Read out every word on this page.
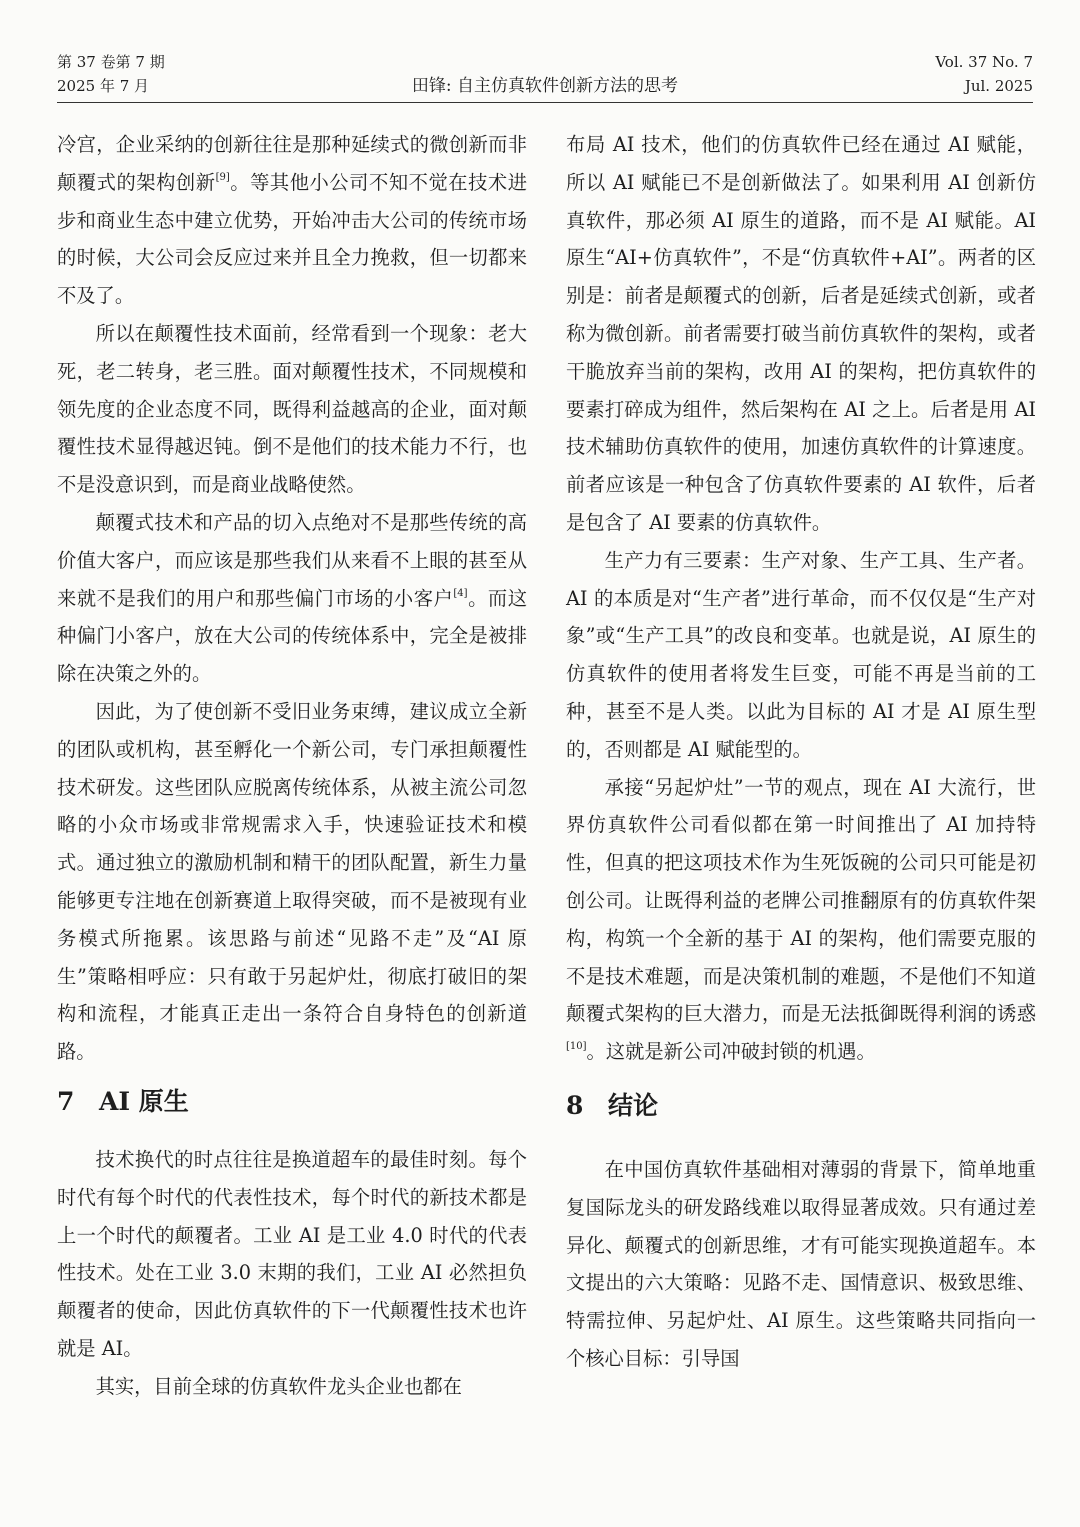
第 37 卷第 7 期
2025 年 7 月	田锋: 自主仿真软件创新方法的思考
Vol. 37 No. 7
Jul. 2025

冷宫，企业采纳的创新往往是那种延续式的微创新而非颠覆式的架构创新[9]。等其他小公司不知不觉在技术进步和商业生态中建立优势，开始冲击大公司的传统市场的时候，大公司会反应过来并且全力挽救，但一切都来不及了。

所以在颠覆性技术面前，经常看到一个现象：老大死，老二转身，老三胜。面对颠覆性技术，不同规模和领先度的企业态度不同，既得利益越高的企业，面对颠覆性技术显得越迟钝。倒不是他们的技术能力不行，也不是没意识到，而是商业战略使然。

颠覆式技术和产品的切入点绝对不是那些传统的高价值大客户，而应该是那些我们从来看不上眼的甚至从来就不是我们的用户和那些偏门市场的小客户[4]。而这种偏门小客户，放在大公司的传统体系中，完全是被排除在决策之外的。

因此，为了使创新不受旧业务束缚，建议成立全新的团队或机构，甚至孵化一个新公司，专门承担颠覆性技术研发。这些团队应脱离传统体系，从被主流公司忽略的小众市场或非常规需求入手，快速验证技术和模式。通过独立的激励机制和精干的团队配置，新生力量能够更专注地在创新赛道上取得突破，而不是被现有业务模式所拖累。该思路与前述“见路不走”及“AI 原生”策略相呼应：只有敢于另起炉灶，彻底打破旧的架构和流程，才能真正走出一条符合自身特色的创新道路。

7 AI 原生

技术换代的时点往往是换道超车的最佳时刻。每个时代有每个时代的代表性技术，每个时代的新技术都是上一个时代的颠覆者。工业 AI 是工业 4.0 时代的代表性技术。处在工业 3.0 末期的我们，工业 AI 必然担负颠覆者的使命，因此仿真软件的下一代颠覆性技术也许就是 AI。

其实，目前全球的仿真软件龙头企业也都在

布局 AI 技术，他们的仿真软件已经在通过 AI 赋能，所以 AI 赋能已不是创新做法了。如果利用 AI 创新仿真软件，那必须 AI 原生的道路，而不是 AI 赋能。AI 原生“AI+仿真软件”，不是“仿真软件+AI”。两者的区别是：前者是颠覆式的创新，后者是延续式创新，或者称为微创新。前者需要打破当前仿真软件的架构，或者干脆放弃当前的架构，改用 AI 的架构，把仿真软件的要素打碎成为组件，然后架构在 AI 之上。后者是用 AI 技术辅助仿真软件的使用，加速仿真软件的计算速度。前者应该是一种包含了仿真软件要素的 AI 软件，后者是包含了 AI 要素的仿真软件。

生产力有三要素：生产对象、生产工具、生产者。AI 的本质是对“生产者”进行革命，而不仅仅是“生产对象”或“生产工具”的改良和变革。也就是说，AI 原生的仿真软件的使用者将发生巨变，可能不再是当前的工种，甚至不是人类。以此为目标的 AI 才是 AI 原生型的，否则都是 AI 赋能型的。

承接“另起炉灶”一节的观点，现在 AI 大流行，世界仿真软件公司看似都在第一时间推出了 AI 加持特性，但真的把这项技术作为生死饭碗的公司只可能是初创公司。让既得利益的老牌公司推翻原有的仿真软件架构，构筑一个全新的基于 AI 的架构，他们需要克服的不是技术难题，而是决策机制的难题，不是他们不知道颠覆式架构的巨大潜力，而是无法抵御既得利润的诱惑[10]。这就是新公司冲破封锁的机遇。

8 结论

在中国仿真软件基础相对薄弱的背景下，简单地重复国际龙头的研发路线难以取得显著成效。只有通过差异化、颠覆式的创新思维，才有可能实现换道超车。本文提出的六大策略：见路不走、国情意识、极致思维、特需拉伸、另起炉灶、AI 原生。这些策略共同指向一个核心目标：引导国
